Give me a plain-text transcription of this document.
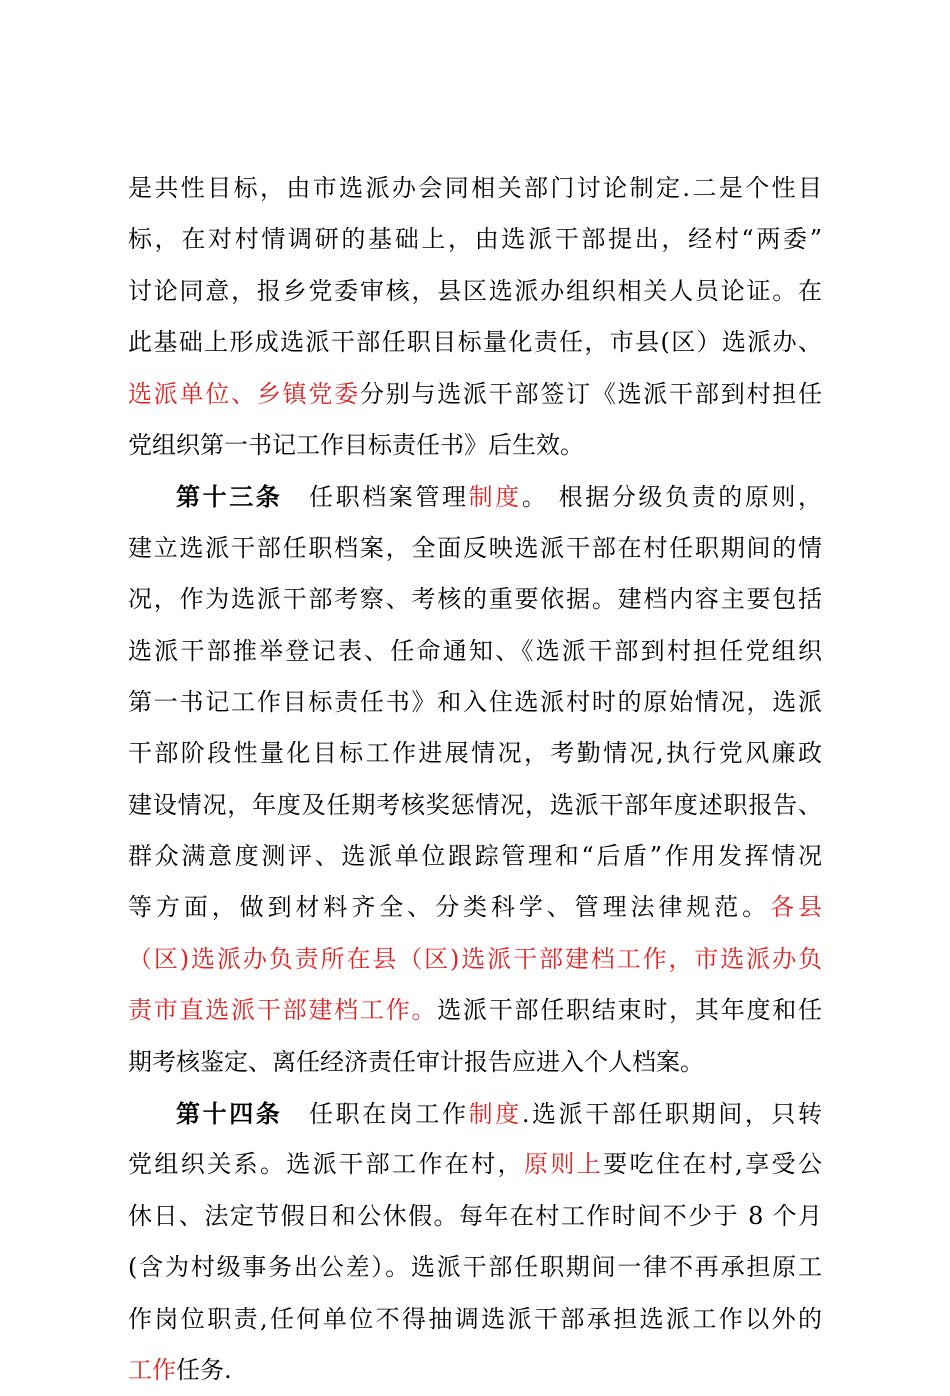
是共性目标，由市选派办会同相关部门讨论制定.二是个性目
标，在对村情调研的基础上，由选派干部提出，经村“两委”
讨论同意，报乡党委审核，县区选派办组织相关人员论证。在
此基础上形成选派干部任职目标量化责任，市县(区）选派办、
选派单位、乡镇党委分别与选派干部签订《选派干部到村担任
党组织第一书记工作目标责任书》后生效。
第十三条 任职档案管理制度。 根据分级负责的原则，
建立选派干部任职档案，全面反映选派干部在村任职期间的情
况，作为选派干部考察、考核的重要依据。建档内容主要包括
选派干部推举登记表、任命通知、《选派干部到村担任党组织
第一书记工作目标责任书》和入住选派村时的原始情况，选派
干部阶段性量化目标工作进展情况，考勤情况,执行党风廉政
建设情况，年度及任期考核奖惩情况，选派干部年度述职报告、
群众满意度测评、选派单位跟踪管理和“后盾”作用发挥情况
等方面，做到材料齐全、分类科学、管理法律规范。各县
（区)选派办负责所在县（区)选派干部建档工作，市选派办负
责市直选派干部建档工作。选派干部任职结束时，其年度和任
期考核鉴定、离任经济责任审计报告应进入个人档案。
第十四条 任职在岗工作制度.选派干部任职期间，只转
党组织关系。选派干部工作在村，原则上要吃住在村,享受公
休日、法定节假日和公休假。每年在村工作时间不少于 8 个月
(含为村级事务出公差）。选派干部任职期间一律不再承担原工
作岗位职责,任何单位不得抽调选派干部承担选派工作以外的
工作任务.
